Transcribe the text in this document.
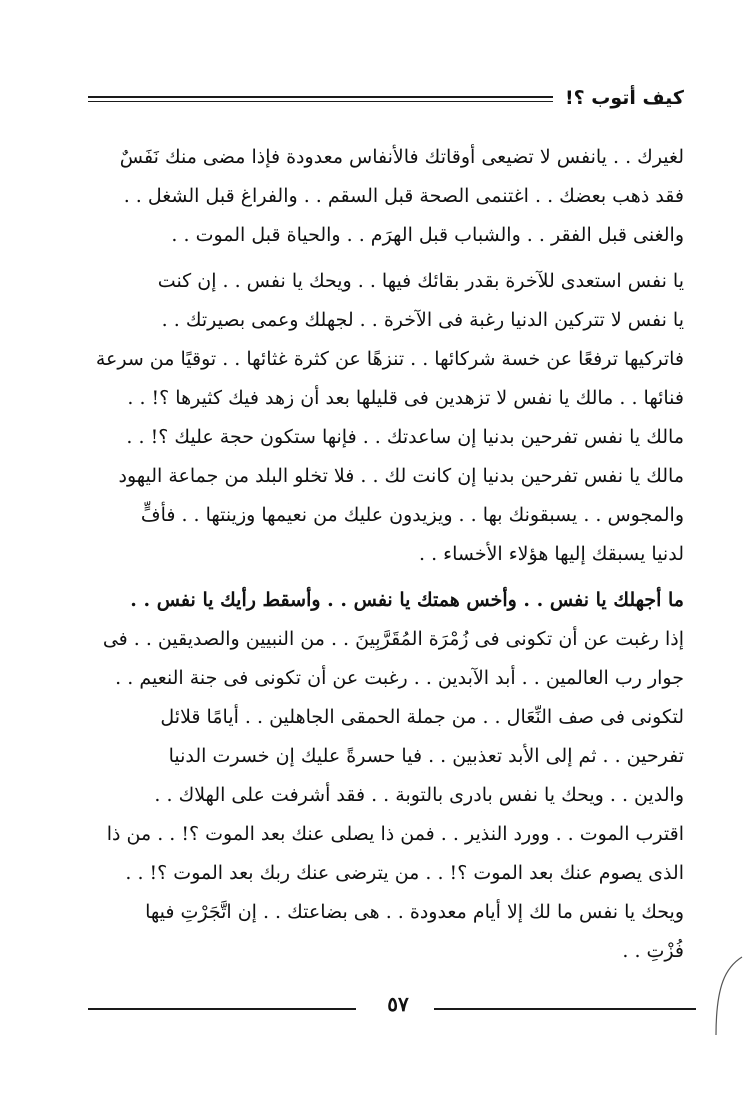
كيف أتوب ؟!

لغيرك . . يانفس لا تضيعى أوقاتك فالأنفاس معدودة فإذا مضى منك نَفَسٌ
فقد ذهب بعضك . . اغتنمى الصحة قبل السقم . . والفراغ قبل الشغل . .
والغنى قبل الفقر . . والشباب قبل الهرَم . . والحياة قبل الموت . .

يا نفس استعدى للآخرة بقدر بقائك فيها . . ويحك يا نفس . . إن كنت
يا نفس لا تتركين الدنيا رغبة فى الآخرة . . لجهلك وعمى بصيرتك . .
فاتركيها ترفعًا عن خسة شركائها . . تنزهًا عن كثرة غثائها . . توقيًا من سرعة
فنائها . . مالك يا نفس لا تزهدين فى قليلها بعد أن زهد فيك كثيرها ؟! . .
مالك يا نفس تفرحين بدنيا إن ساعدتك . . فإنها ستكون حجة عليك ؟! . .
مالك يا نفس تفرحين بدنيا إن كانت لك . . فلا تخلو البلد من جماعة اليهود
والمجوس . . يسبقونك بها . . ويزيدون عليك من نعيمها وزينتها . . فأفٍّ
لدنيا يسبقك إليها هؤلاء الأخساء . .

ما أجهلك يا نفس . . وأخس همتك يا نفس . . وأسقط رأيك يا نفس . .
إذا رغبت عن أن تكونى فى زُمْرَة المُقَرَّبِينَ . . من النبيين والصديقين . . فى
جوار رب العالمين . . أبد الآبدين . . رغبت عن أن تكونى فى جنة النعيم . .
لتكونى فى صف النِّعَال . . من جملة الحمقى الجاهلين . . أيامًا قلائل
تفرحين . . ثم إلى الأبد تعذبين . . فيا حسرةً عليك إن خسرت الدنيا
والدين . . ويحك يا نفس بادرى بالتوبة . . فقد أشرفت على الهلاك . .
اقترب الموت . . وورد النذير . . فمن ذا يصلى عنك بعد الموت ؟! . . من ذا
الذى يصوم عنك بعد الموت ؟! . . من يترضى عنك ربك بعد الموت ؟! . .
ويحك يا نفس ما لك إلا أيام معدودة . . هى بضاعتك . . إن اتَّجَرْتِ فيها
فُزْتِ . .

٥٧
